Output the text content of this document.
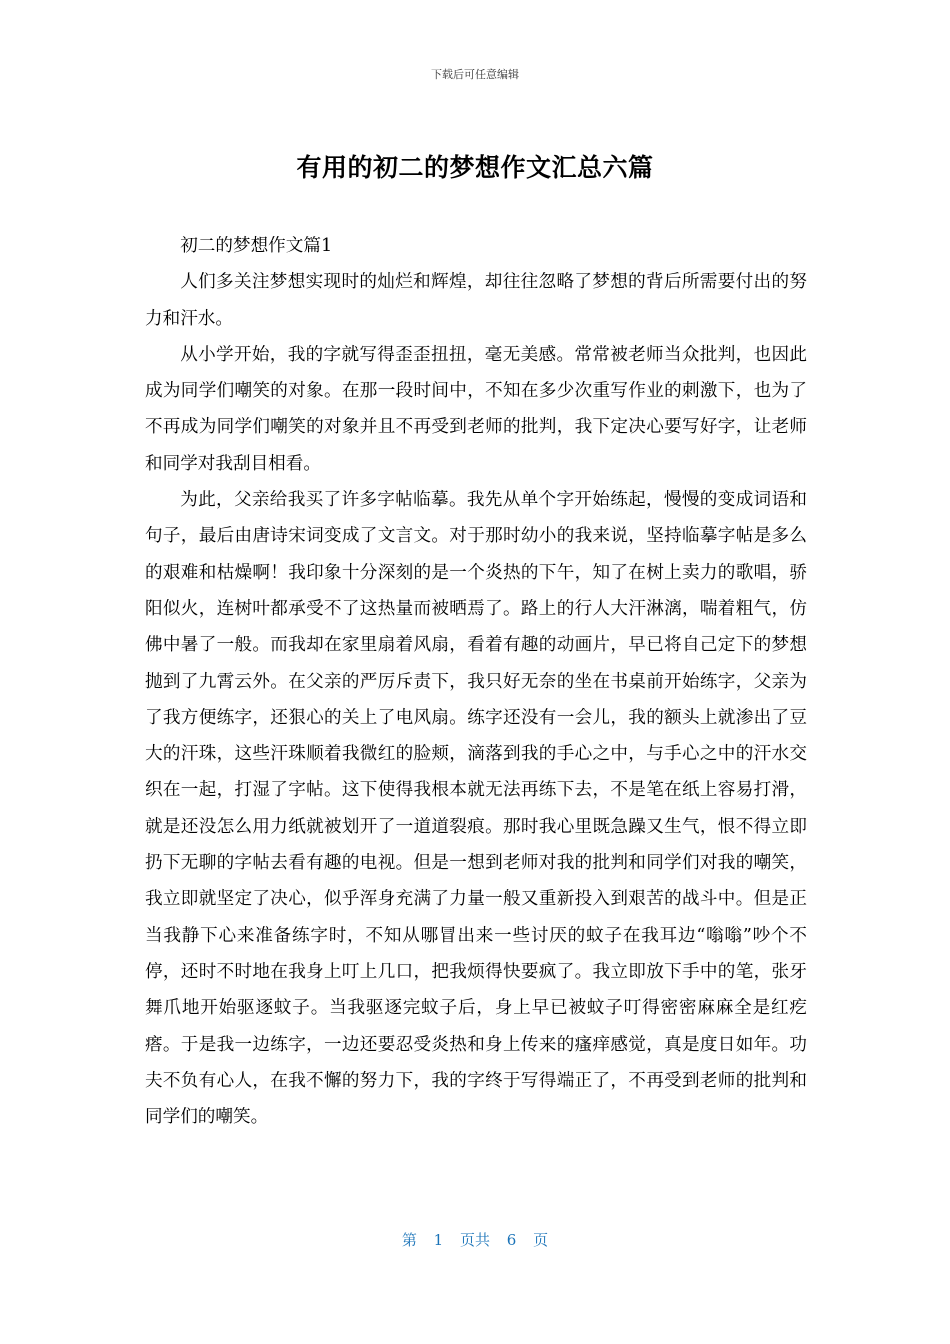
下载后可任意编辑
有用的初二的梦想作文汇总六篇

初二的梦想作文篇1

人们多关注梦想实现时的灿烂和辉煌，却往往忽略了梦想的背后所需要付出的努力和汗水。

从小学开始，我的字就写得歪歪扭扭，毫无美感。常常被老师当众批判，也因此成为同学们嘲笑的对象。在那一段时间中，不知在多少次重写作业的刺激下，也为了不再成为同学们嘲笑的对象并且不再受到老师的批判，我下定决心要写好字，让老师和同学对我刮目相看。

为此，父亲给我买了许多字帖临摹。我先从单个字开始练起，慢慢的变成词语和句子，最后由唐诗宋词变成了文言文。对于那时幼小的我来说，坚持临摹字帖是多么的艰难和枯燥啊！我印象十分深刻的是一个炎热的下午，知了在树上卖力的歌唱，骄阳似火，连树叶都承受不了这热量而被晒焉了。路上的行人大汗淋漓，喘着粗气，仿佛中暑了一般。而我却在家里扇着风扇，看着有趣的动画片，早已将自己定下的梦想抛到了九霄云外。在父亲的严厉斥责下，我只好无奈的坐在书桌前开始练字，父亲为了我方便练字，还狠心的关上了电风扇。练字还没有一会儿，我的额头上就渗出了豆大的汗珠，这些汗珠顺着我微红的脸颊，滴落到我的手心之中，与手心之中的汗水交织在一起，打湿了字帖。这下使得我根本就无法再练下去，不是笔在纸上容易打滑，就是还没怎么用力纸就被划开了一道道裂痕。那时我心里既急躁又生气，恨不得立即扔下无聊的字帖去看有趣的电视。但是一想到老师对我的批判和同学们对我的嘲笑，我立即就坚定了决心，似乎浑身充满了力量一般又重新投入到艰苦的战斗中。但是正当我静下心来准备练字时，不知从哪冒出来一些讨厌的蚊子在我耳边“嗡嗡”吵个不停，还时不时地在我身上叮上几口，把我烦得快要疯了。我立即放下手中的笔，张牙舞爪地开始驱逐蚊子。当我驱逐完蚊子后，身上早已被蚊子叮得密密麻麻全是红疙瘩。于是我一边练字，一边还要忍受炎热和身上传来的瘙痒感觉，真是度日如年。功夫不负有心人，在我不懈的努力下，我的字终于写得端正了，不再受到老师的批判和同学们的嘲笑。

第 1 页共 6 页
